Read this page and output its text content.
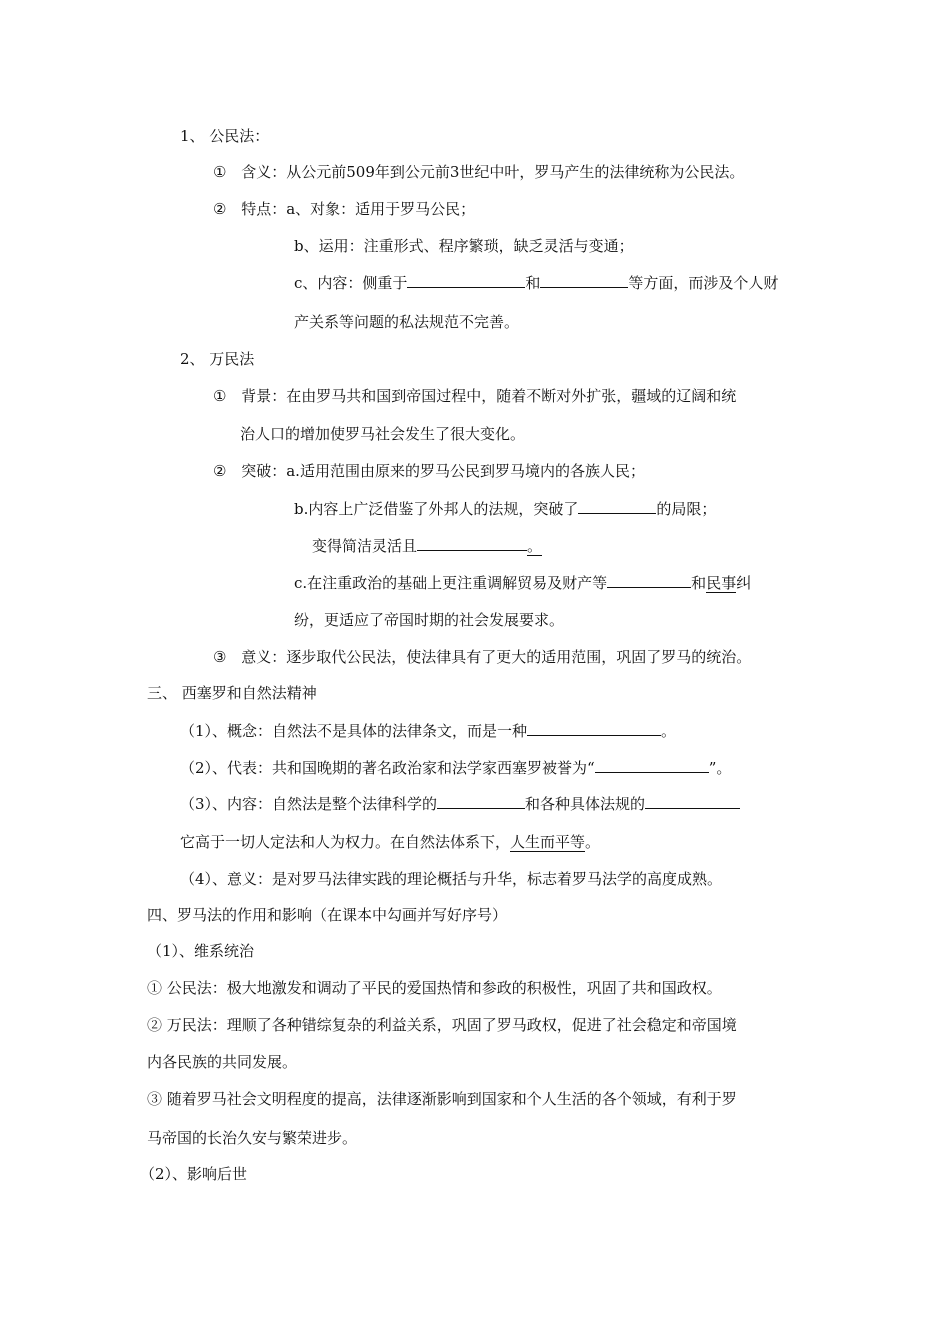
1、 公民法：
① 含义：从公元前509年到公元前3世纪中叶，罗马产生的法律统称为公民法。
② 特点：a、对象：适用于罗马公民；
b、运用：注重形式、程序繁琐，缺乏灵活与变通；
c、内容：侧重于	和	等方面，而涉及个人财
产关系等问题的私法规范不完善。
2、 万民法
① 背景：在由罗马共和国到帝国过程中，随着不断对外扩张，疆域的辽阔和统
治人口的增加使罗马社会发生了很大变化。
② 突破：a.适用范围由原来的罗马公民到罗马境内的各族人民；
b.内容上广泛借鉴了外邦人的法规，突破了	的局限；
变得简洁灵活且	。
c.在注重政治的基础上更注重调解贸易及财产等	和民事纠
纷，更适应了帝国时期的社会发展要求。
③ 意义：逐步取代公民法，使法律具有了更大的适用范围，巩固了罗马的统治。
三、 西塞罗和自然法精神
（1）、概念：自然法不是具体的法律条文，而是一种	。
（2）、代表：共和国晚期的著名政治家和法学家西塞罗被誉为“	”。
（3）、内容：自然法是整个法律科学的	和各种具体法规的
它高于一切人定法和人为权力。在自然法体系下，人生而平等。
（4）、意义：是对罗马法律实践的理论概括与升华，标志着罗马法学的高度成熟。
四、罗马法的作用和影响（在课本中勾画并写好序号）
（1）、维系统治
① 公民法：极大地激发和调动了平民的爱国热情和参政的积极性，巩固了共和国政权。
② 万民法：理顺了各种错综复杂的利益关系，巩固了罗马政权，促进了社会稳定和帝国境
内各民族的共同发展。
③ 随着罗马社会文明程度的提高，法律逐渐影响到国家和个人生活的各个领域，有利于罗
马帝国的长治久安与繁荣进步。
（2）、影响后世
